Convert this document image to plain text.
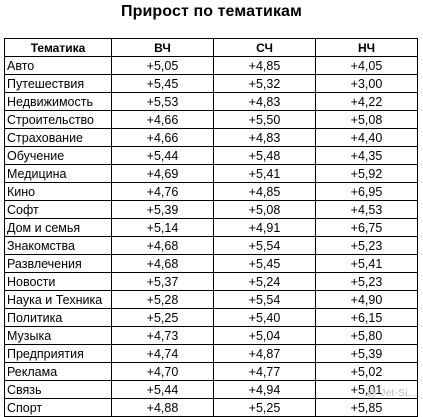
Прирост по тематикам
Тематика	ВЧ	СЧ	НЧ
Авто	+5,05	+4,85	+4,05
Путешествия	+5,45	+5,32	+3,00
Недвижимость	+5,53	+4,83	+4,22
Строительство	+4,66	+5,50	+5,08
Страхование	+4,66	+4,83	+4,40
Обучение	+5,44	+5,48	+4,35
Медицина	+4,69	+5,41	+5,92
Кино	+4,76	+4,85	+6,95
Софт	+5,39	+5,08	+4,53
Дом и семья	+5,14	+4,91	+6,75
Знакомства	+4,68	+5,54	+5,23
Развлечения	+4,68	+5,45	+5,41
Новости	+5,37	+5,24	+5,23
Наука и Техника	+5,28	+5,54	+4,90
Политика	+5,25	+5,40	+6,15
Музыка	+4,73	+5,04	+5,80
Предприятия	+4,74	+4,87	+5,39
Реклама	+4,70	+4,77	+5,02
Связь	+5,44	+4,94	+5,01
Спорт	+4,88	+5,25	+5,85
@ Jet-Si...
